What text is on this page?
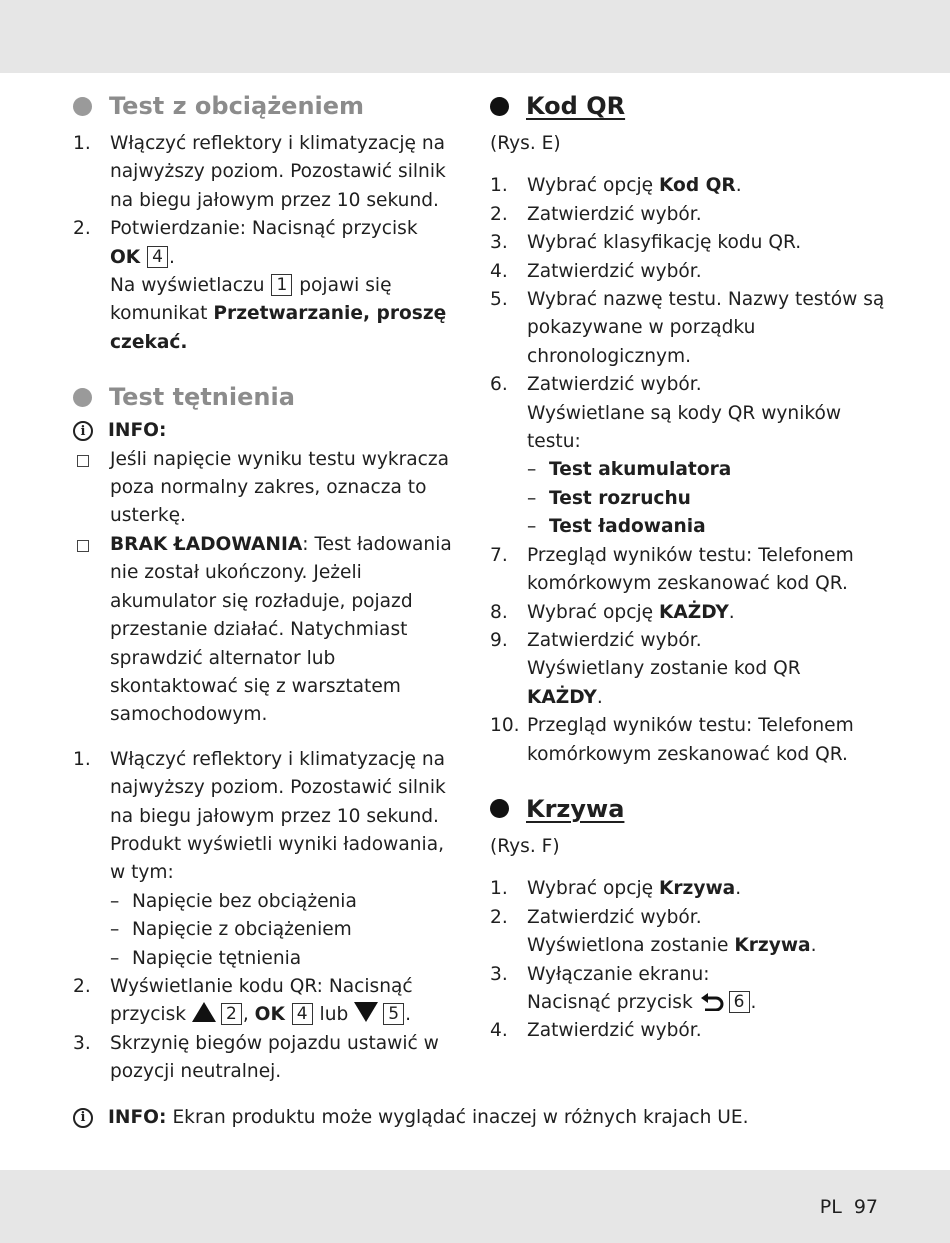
Test z obciążeniem
1. Włączyć reflektory i klimatyzację na najwyższy poziom. Pozostawić silnik na biegu jałowym przez 10 sekund.
2. Potwierdzanie: Nacisnąć przycisk
OK 4 .
Na wyświetlaczu 1 pojawi się komunikat Przetwarzanie, proszę czekać.
Test tętnienia
i	INFO:
Jeśli napięcie wyniku testu wykracza poza normalny zakres, oznacza to usterkę.
BRAK ŁADOWANIA: Test ładowania nie został ukończony. Jeżeli akumulator się rozładuje, pojazd przestanie działać. Natychmiast sprawdzić alternator lub skontaktować się z warsztatem samochodowym.
1. Włączyć reflektory i klimatyzację na najwyższy poziom. Pozostawić silnik na biegu jałowym przez 10 sekund. Produkt wyświetli wyniki ładowania, w tym:
– Napięcie bez obciążenia
– Napięcie z obciążeniem
– Napięcie tętnienia
2. Wyświetlanie kodu QR: Nacisnąć przycisk 2 , OK 4 lub 5 .
3. Skrzynię biegów pojazdu ustawić w pozycji neutralnej.
Kod QR
(Rys. E)
1. Wybrać opcję Kod QR.
2. Zatwierdzić wybór.
3. Wybrać klasyfikację kodu QR.
4. Zatwierdzić wybór.
5. Wybrać nazwę testu. Nazwy testów są pokazywane w porządku chronologicznym.
6. Zatwierdzić wybór.
Wyświetlane są kody QR wyników testu:
– Test akumulatora
– Test rozruchu
– Test ładowania
7. Przegląd wyników testu: Telefonem komórkowym zeskanować kod QR.
8. Wybrać opcję KAŻDY.
9. Zatwierdzić wybór.
Wyświetlany zostanie kod QR
KAŻDY.
10. Przegląd wyników testu: Telefonem komórkowym zeskanować kod QR.
Krzywa
(Rys. F)
1. Wybrać opcję Krzywa.
2. Zatwierdzić wybór.
Wyświetlona zostanie Krzywa.
3. Wyłączanie ekranu:
Nacisnąć przycisk 6 .
4. Zatwierdzić wybór.
i	INFO: Ekran produktu może wyglądać inaczej w różnych krajach UE.
PL 97
